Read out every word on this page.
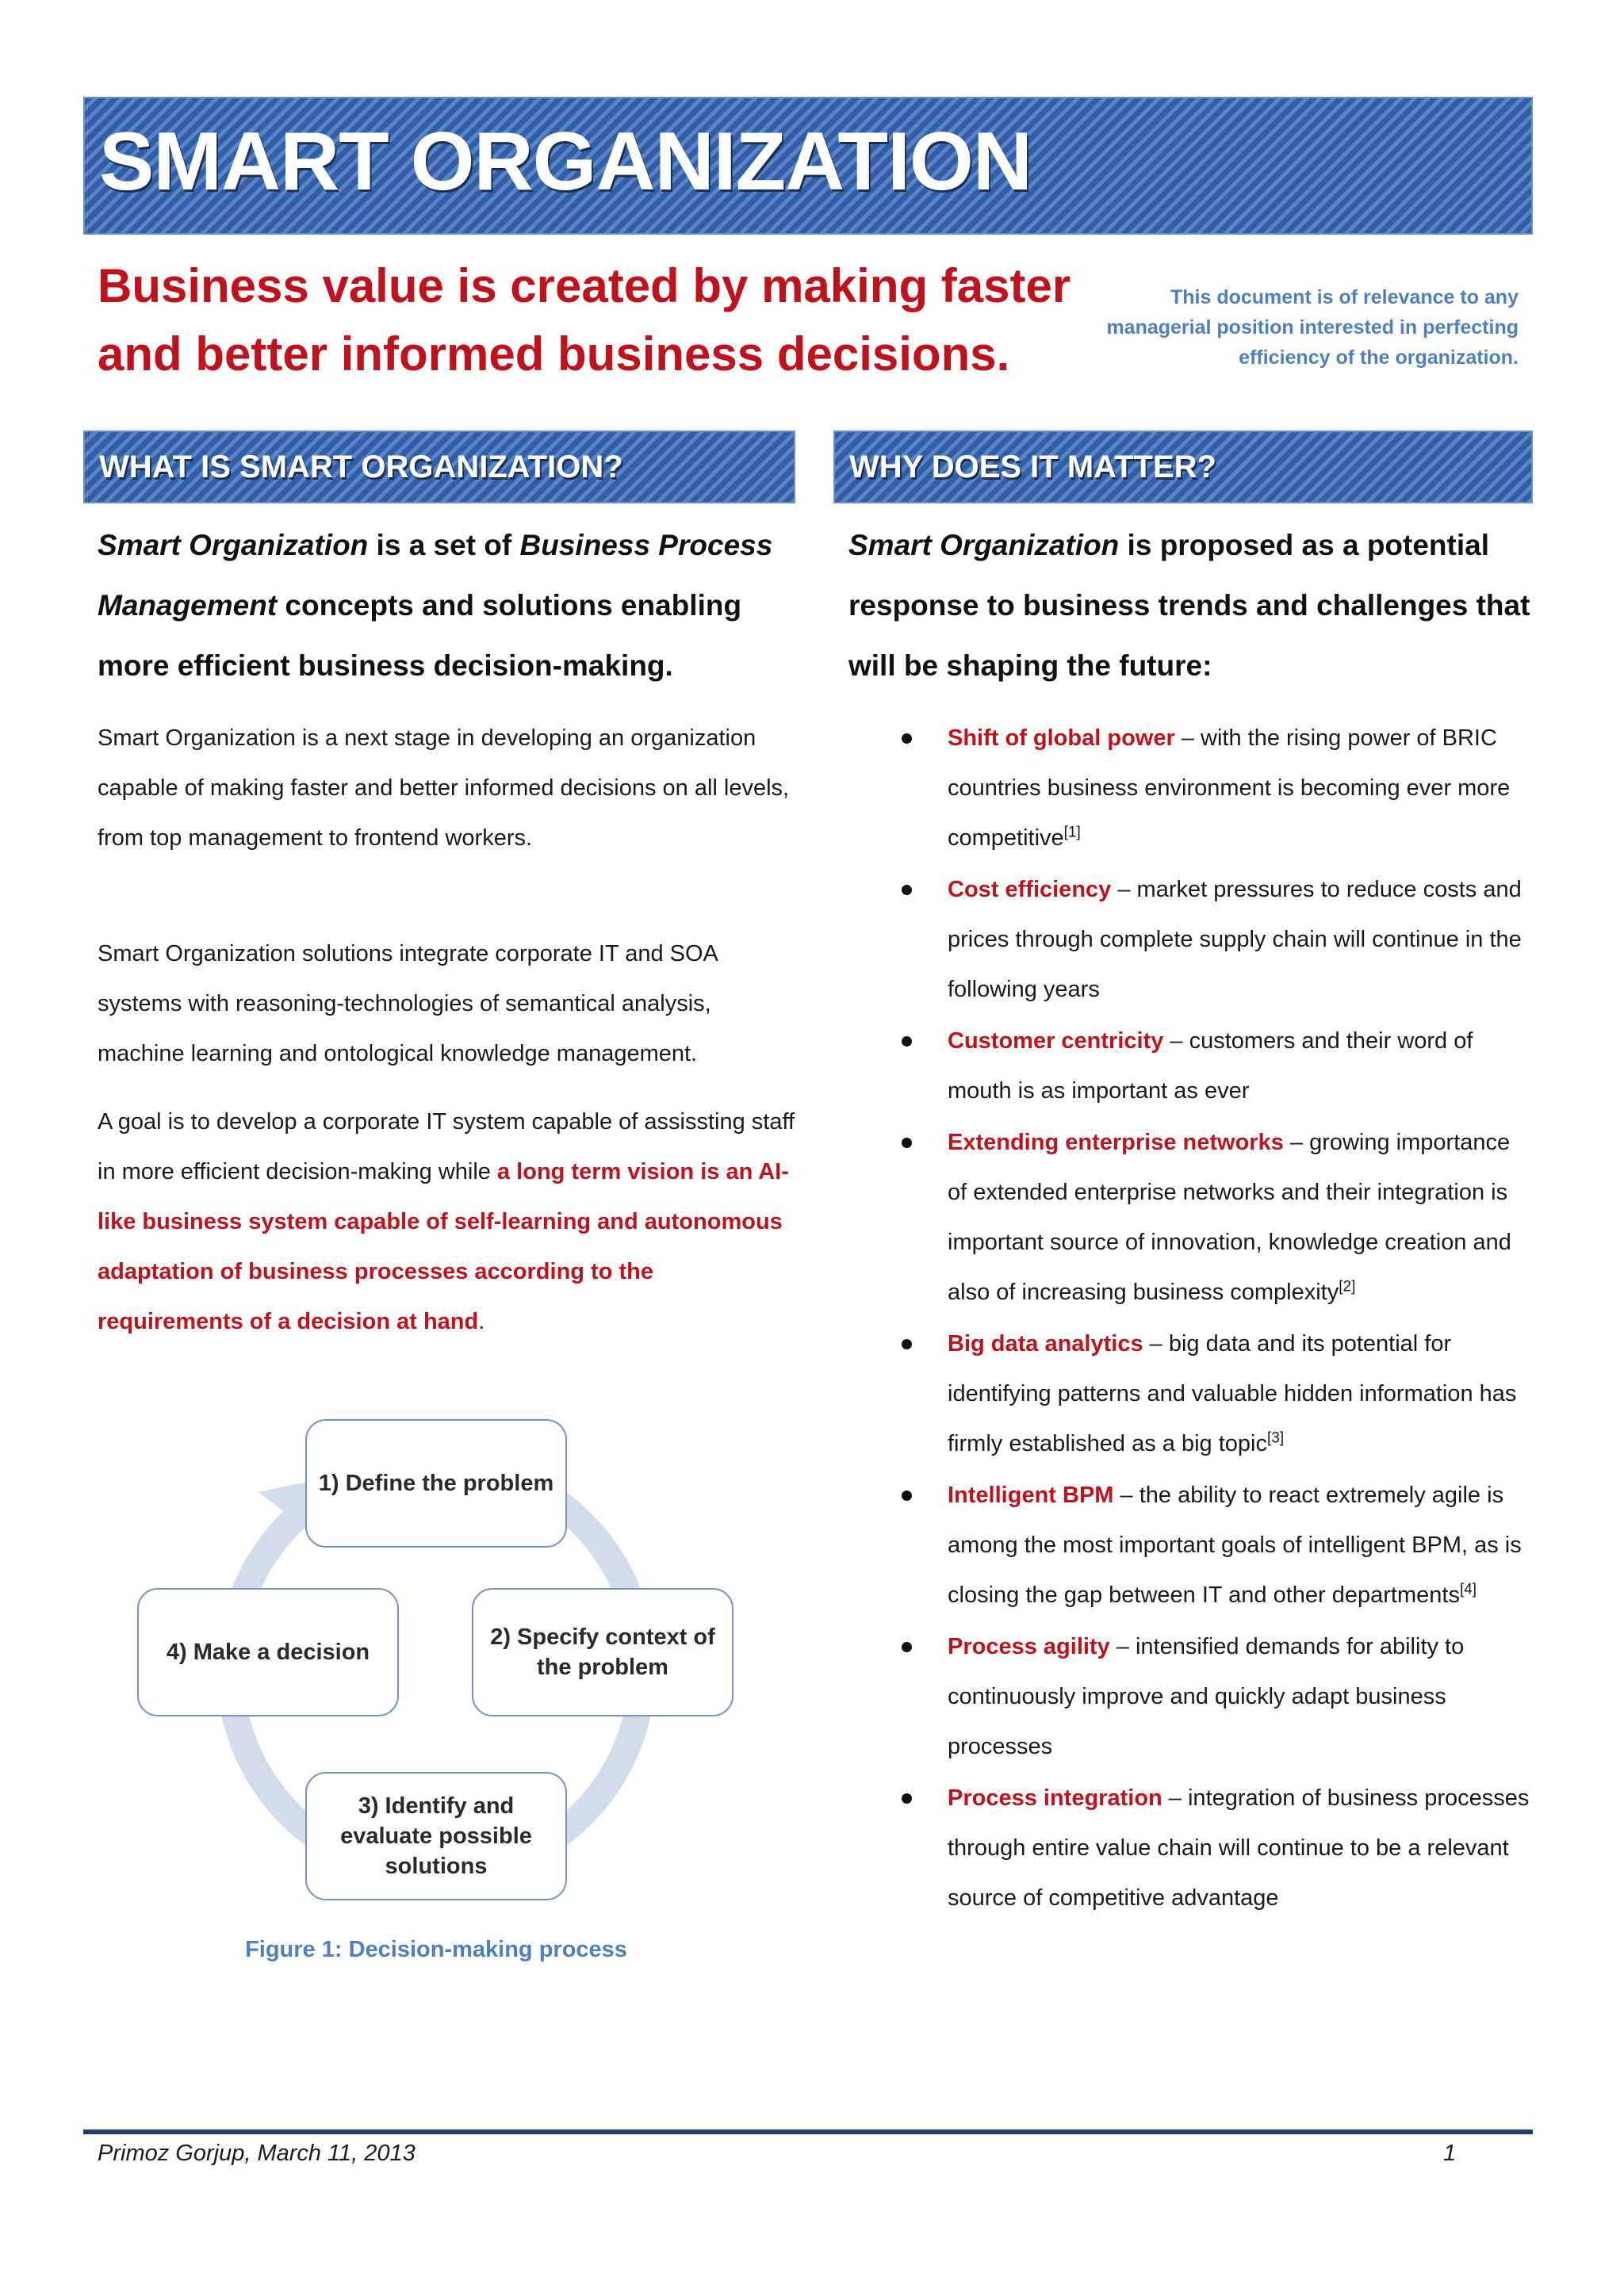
SMART ORGANIZATION

Business value is created by making faster and better informed business decisions.

This document is of relevance to any managerial position interested in perfecting efficiency of the organization.

WHAT IS SMART ORGANIZATION?	WHY DOES IT MATTER?

Smart Organization is a set of Business Process Management concepts and solutions enabling more efficient business decision-making.

Smart Organization is a next stage in developing an organization capable of making faster and better informed decisions on all levels, from top management to frontend workers.

Smart Organization solutions integrate corporate IT and SOA systems with reasoning-technologies of semantical analysis, machine learning and ontological knowledge management.

A goal is to develop a corporate IT system capable of assissting staff in more efficient decision-making while a long term vision is an AI-like business system capable of self-learning and autonomous adaptation of business processes according to the requirements of a decision at hand.

1) Define the problem
2) Specify context of the problem
3) Identify and evaluate possible solutions
4) Make a decision

Figure 1: Decision-making process

Smart Organization is proposed as a potential response to business trends and challenges that will be shaping the future:

Shift of global power – with the rising power of BRIC countries business environment is becoming ever more competitive[1]
Cost efficiency – market pressures to reduce costs and prices through complete supply chain will continue in the following years
Customer centricity – customers and their word of mouth is as important as ever
Extending enterprise networks – growing importance of extended enterprise networks and their integration is important source of innovation, knowledge creation and also of increasing business complexity[2]
Big data analytics – big data and its potential for identifying patterns and valuable hidden information has firmly established as a big topic[3]
Intelligent BPM – the ability to react extremely agile is among the most important goals of intelligent BPM, as is closing the gap between IT and other departments[4]
Process agility – intensified demands for ability to continuously improve and quickly adapt business processes
Process integration – integration of business processes through entire value chain will continue to be a relevant source of competitive advantage
Primoz Gorjup, March 11, 2013	1
